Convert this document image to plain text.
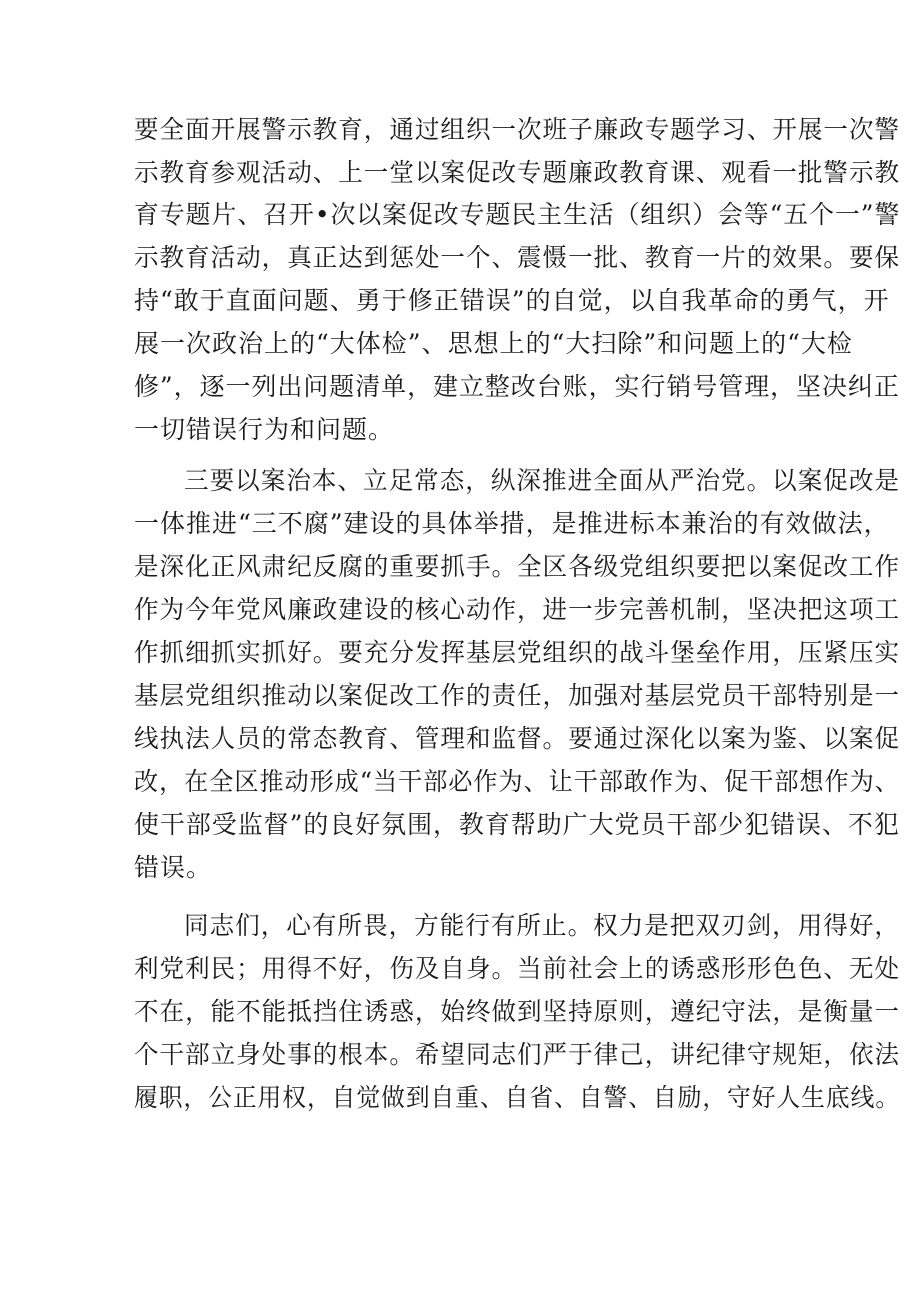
要全面开展警示教育，通过组织一次班子廉政专题学习、开展一次警
示教育参观活动、上一堂以案促改专题廉政教育课、观看一批警示教
育专题片、召开•次以案促改专题民主生活（组织）会等“五个一”警
示教育活动，真正达到惩处一个、震慑一批、教育一片的效果。要保
持“敢于直面问题、勇于修正错误”的自觉，以自我革命的勇气，开
展一次政治上的“大体检”、思想上的“大扫除”和问题上的“大检
修”，逐一列出问题清单，建立整改台账，实行销号管理，坚决纠正
一切错误行为和问题。
三要以案治本、立足常态，纵深推进全面从严治党。以案促改是
一体推进“三不腐”建设的具体举措，是推进标本兼治的有效做法，
是深化正风肃纪反腐的重要抓手。全区各级党组织要把以案促改工作
作为今年党风廉政建设的核心动作，进一步完善机制，坚决把这项工
作抓细抓实抓好。要充分发挥基层党组织的战斗堡垒作用，压紧压实
基层党组织推动以案促改工作的责任，加强对基层党员干部特别是一
线执法人员的常态教育、管理和监督。要通过深化以案为鉴、以案促
改，在全区推动形成“当干部必作为、让干部敢作为、促干部想作为、
使干部受监督”的良好氛围，教育帮助广大党员干部少犯错误、不犯
错误。
同志们，心有所畏，方能行有所止。权力是把双刃剑，用得好，
利党利民；用得不好，伤及自身。当前社会上的诱惑形形色色、无处
不在，能不能抵挡住诱惑，始终做到坚持原则，遵纪守法，是衡量一
个干部立身处事的根本。希望同志们严于律己，讲纪律守规矩，依法
履职，公正用权，自觉做到自重、自省、自警、自励，守好人生底线。
